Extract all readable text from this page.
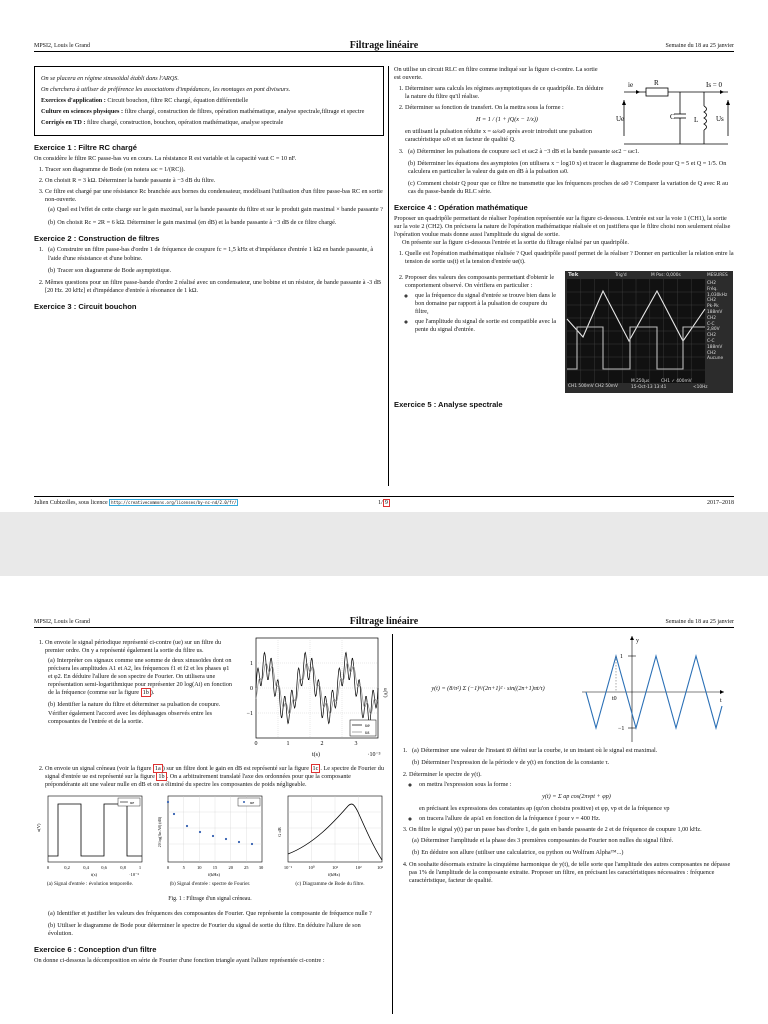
MPSI2, Louis le Grand	Filtrage linéaire	Semaine du 18 au 25 janvier

On se placera en régime sinusoïdal établi dans l'ARQS.

On cherchera à utiliser de préférence les associations d'impédances, les montages en pont diviseurs.

Exercices d'application : Circuit bouchon, filtre RC chargé, équation différentielle

Culture en sciences physiques : filtre chargé, construction de filtres, opération mathématique, analyse spectrale,filtrage et spectre

Corrigés en TD : filtre chargé, construction, bouchon, opération mathématique, analyse spectrale

Exercice 1 : Filtre RC chargé
On considère le filtre RC passe-bas vu en cours. La résistance R est variable et la capacité vaut C = 10 nF.
1. Tracer son diagramme de Bode (on notera ωc = 1/(RC)).
2. On choisit R = 3 kΩ. Déterminer la bande passante à −3 dB du filtre.
3. Ce filtre est chargé par une résistance Rc branchée aux bornes du condensateur, modélisant l'utilisation d'un filtre passe-bas RC en sortie non-ouverte.
(a) Quel est l'effet de cette charge sur le gain maximal, sur la bande passante du filtre et sur le produit gain maximal × bande passante ?
(b) On choisit Rc = 2R = 6 kΩ. Déterminer le gain maximal (en dB) et la bande passante à −3 dB de ce filtre chargé.
Exercice 2 : Construction de filtres
1. (a) Construire un filtre passe-bas d'ordre 1 de fréquence de coupure fc = 1,5 kHz et d'impédance d'entrée 1 kΩ en bande passante, à l'aide d'une résistance et d'une bobine.
(b) Tracer son diagramme de Bode asymptotique.
2. Mêmes questions pour un filtre passe-bande d'ordre 2 réalisé avec un condensateur, une bobine et un résistor, de bande passante à -3 dB [20 Hz. 20 kHz] et d'impédance d'entrée à résonance de 1 kΩ.
Exercice 3 : Circuit bouchon
On utilise un circuit RLC en filtre comme indiqué sur la figure ci-contre. La sortie est ouverte.
ie	R	Is = 0
Ue	C	L	Us
1. Déterminer sans calculs les régimes asymptotiques de ce quadripôle. En déduire la nature du filtre qu'il réalise.
2. Déterminer sa fonction de transfert. On la mettra sous la forme :
H = 1 / (1 + jQ(x − 1/x))
en utilisant la pulsation réduite x = ω/ω0 après avoir introduit une pulsation caractéristique ω0 et un facteur de qualité Q.
3. (a) Déterminer les pulsations de coupure ωc1 et ωc2 à −3 dB et la bande passante ωc2 − ωc1.
(b) Déterminer les équations des asymptotes (on utilisera x − log10 x) et tracer le diagramme de Bode pour Q = 5 et Q = 1/5. On calculera en particulier la valeur du gain en dB à la pulsation ω0.
(c) Comment choisir Q pour que ce filtre ne transmette que les fréquences proches de ω0 ? Comparer la variation de Q avec R au cas du passe-bande du RLC série.
Exercice 4 : Opération mathématique
Proposer un quadripôle permettant de réaliser l'opération représentée sur la figure ci-dessous. L'entrée est sur la voie 1 (CH1), la sortie sur la voie 2 (CH2). On précisera la nature de l'opération mathématique réalisée et on justifiera que le filtre choisi non seulement réalise l'opération voulue mais donne aussi l'amplitude du signal de sortie.
On présente sur la figure ci-dessous l'entrée et la sortie du filtrage réalisé par un quadripôle.
1. Quelle est l'opération mathématique réalisée ? Quel quadripôle passif permet de la réaliser ? Donner en particulier la relation entre la tension de sortie us(t) et la tension d'entrée ue(t).
2. Proposer des valeurs des composants permettant d'obtenir le comportement observé. On vérifiera en particulier :
◦ que la fréquence du signal d'entrée se trouve bien dans le bon domaine par rapport à la pulsation de coupure du filtre,
◦ que l'amplitude du signal de sortie est compatible avec la pente du signal d'entrée.
Tek	Trig'd	M Pos: 0,000s	MESURES
CH2
Fréq.
1,030kHz
CH2
Pk-Pk
188mV
CH2
C-C
2,80V
CH2
C-C
188mV
CH2
Aucune
CH1 500mV CH2 50mV
M 250µs	CH1 ✓ 400mV
15-Oct-13 13:41	<10Hz
Exercice 5 : Analyse spectrale
Julien Cubizolles, sous licence http://creativecommons.org/licenses/by-nc-nd/2.0/fr/	1/ 9	2017–2018
MPSI2, Louis le Grand	Filtrage linéaire	Semaine du 18 au 25 janvier
1. On envoie le signal périodique représenté ci-contre (ue) sur un filtre du premier ordre. On y a représenté également la sortie du filtre us.
(a) Interpréter ces signaux comme une somme de deux sinusoïdes dont on précisera les amplitudes A1 et A2, les fréquences f1 et f2 et les phases φ1 et φ2. En déduire l'allure de son spectre de Fourier. On utilisera une représentation semi-logarithmique pour représenter 20 log(Ai) en fonction de la fréquence (comme sur la figure 1b ).
(b) Identifier la nature du filtre et déterminer sa pulsation de coupure. Vérifier également l'accord avec les déphasages observés entre les composantes de l'entrée et de la sortie.
1
0
−1
0	1	2	3
t(s)	·10⁻³
u(V)
ue
us
2. On envoie un signal créneau (voir la figure 1a ) sur un filtre dont le gain en dB est représenté sur la figure 1c . Le spectre de Fourier du signal d'entrée ue est représenté sur la figure 1b . On a arbitrairement translaté l'axe des ordonnées pour que la composante prépondérante ait une valeur nulle en dB et on a éliminé du spectre les composantes de poids négligeable.
ue
0	0,2	0,4	0,6	0,8	1
t(s)	·10⁻³
u(V)
(a) Signal d'entrée : évolution temporelle.
ue
0	5	10 15 20 25 30
f(kHz)
20 log(An/A0) (dB)
(b) Signal d'entrée : spectre de Fourier.
10⁻¹	10⁰	10¹	10²	10³
f(kHz)
G dB
(c) Diagramme de Bode du filtre.
Fig. 1 : Filtrage d'un signal créneau.
(a) Identifier et justifier les valeurs des fréquences des composantes de Fourier. Que représente la composante de fréquence nulle ?
(b) Utiliser le diagramme de Bode pour déterminer le spectre de Fourier du signal de sortie du filtre. En déduire l'allure de son évolution.
Exercice 6 : Conception d'un filtre
On donne ci-dessous la décomposition en série de Fourier d'une fonction triangle ayant l'allure représentée ci-contre :
y(t) = (8/π²) Σ (−1)ⁿ/(2n+1)² · sin((2n+1)πt/τ)
y
t
1
−1
t0
1. (a) Déterminer une valeur de l'instant t0 défini sur la courbe, ie un instant où le signal est maximal.
(b) Déterminer l'expression de la période ν de y(t) en fonction de la constante τ.
2. Déterminer le spectre de y(t).
◦ on mettra l'expression sous la forme :
y(t) = Σ ap cos(2πνpt + φp)
en précisant les expressions des constantes ap (qu'on choisira positive) et φp, νp et de la fréquence νp
◦ on tracera l'allure de ap/a1 en fonction de la fréquence f pour ν = 400 Hz.
3. On filtre le signal y(t) par un passe bas d'ordre 1, de gain en bande passante de 2 et de fréquence de coupure 1,00 kHz.
(a) Déterminer l'amplitude et la phase des 3 premières composantes de Fourier non nulles du signal filtré.
(b) En déduire son allure (utiliser une calculatrice, ou python ou Wolfram Alpha™...)
4. On souhaite désormais extraire la cinquième harmonique de y(t), de telle sorte que l'amplitude des autres composantes ne dépasse pas 1% de l'amplitude de la composante extraite. Proposer un filtre, en précisant les caractéristiques nécessaires : fréquence caractéristique, facteur de qualité.
